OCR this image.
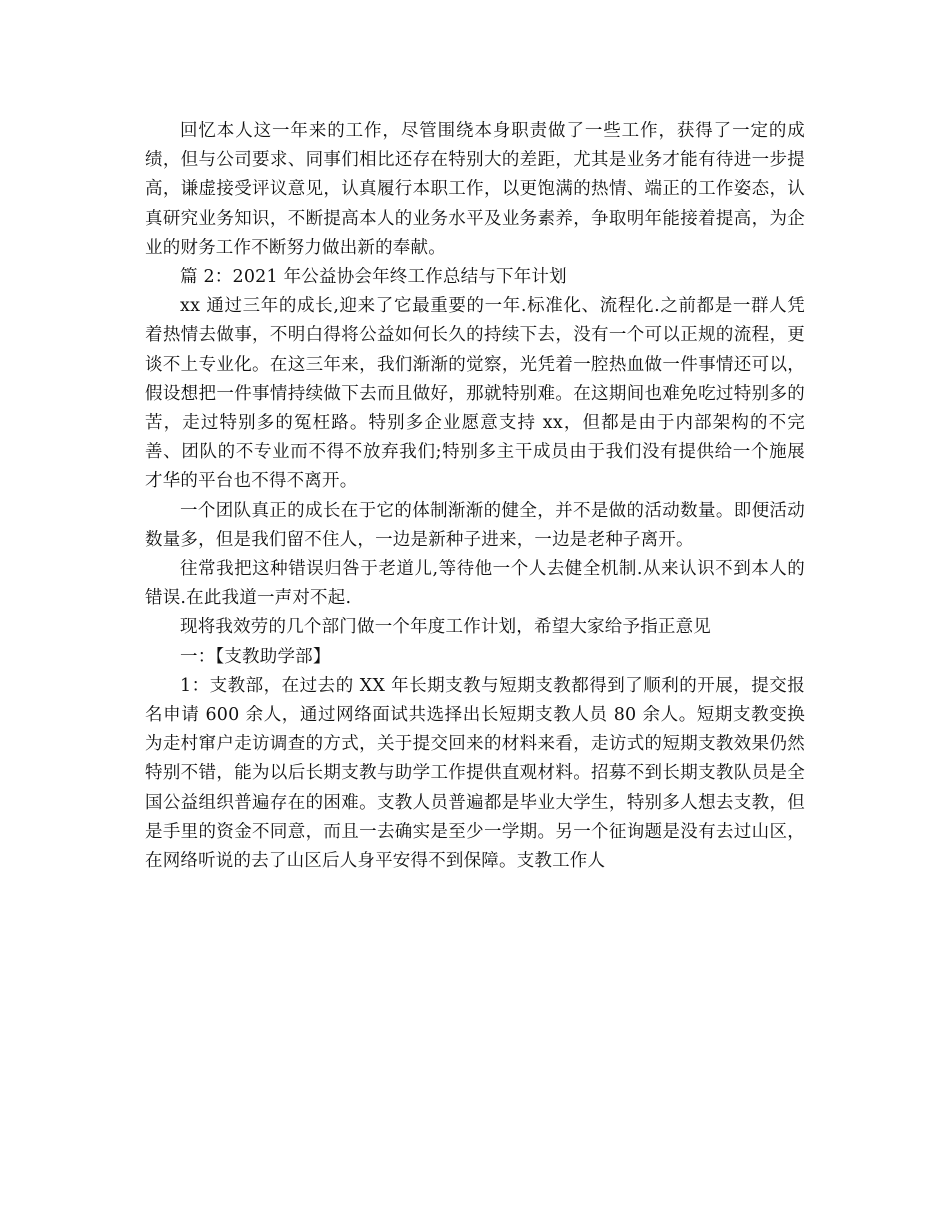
回忆本人这一年来的工作，尽管围绕本身职责做了一些工作，获得了一定的成绩，但与公司要求、同事们相比还存在特别大的差距，尤其是业务才能有待进一步提高，谦虚接受评议意见，认真履行本职工作，以更饱满的热情、端正的工作姿态，认真研究业务知识，不断提高本人的业务水平及业务素养，争取明年能接着提高，为企业的财务工作不断努力做出新的奉献。

篇 2：2021 年公益协会年终工作总结与下年计划

xx 通过三年的成长,迎来了它最重要的一年.标准化、流程化.之前都是一群人凭着热情去做事，不明白得将公益如何长久的持续下去，没有一个可以正规的流程，更谈不上专业化。在这三年来，我们渐渐的觉察，光凭着一腔热血做一件事情还可以，假设想把一件事情持续做下去而且做好，那就特别难。在这期间也难免吃过特别多的苦，走过特别多的冤枉路。特别多企业愿意支持 xx，但都是由于内部架构的不完善、团队的不专业而不得不放弃我们;特别多主干成员由于我们没有提供给一个施展才华的平台也不得不离开。

一个团队真正的成长在于它的体制渐渐的健全，并不是做的活动数量。即便活动数量多，但是我们留不住人，一边是新种子进来，一边是老种子离开。

往常我把这种错误归咎于老道儿,等待他一个人去健全机制.从来认识不到本人的错误.在此我道一声对不起.

现将我效劳的几个部门做一个年度工作计划，希望大家给予指正意见

一：【支教助学部】

1：支教部，在过去的 XX 年长期支教与短期支教都得到了顺利的开展，提交报名申请 600 余人，通过网络面试共选择出长短期支教人员 80 余人。短期支教变换为走村窜户走访调查的方式，关于提交回来的材料来看，走访式的短期支教效果仍然特别不错，能为以后长期支教与助学工作提供直观材料。招募不到长期支教队员是全国公益组织普遍存在的困难。支教人员普遍都是毕业大学生，特别多人想去支教，但是手里的资金不同意，而且一去确实是至少一学期。另一个征询题是没有去过山区，在网络听说的去了山区后人身平安得不到保障。支教工作人
